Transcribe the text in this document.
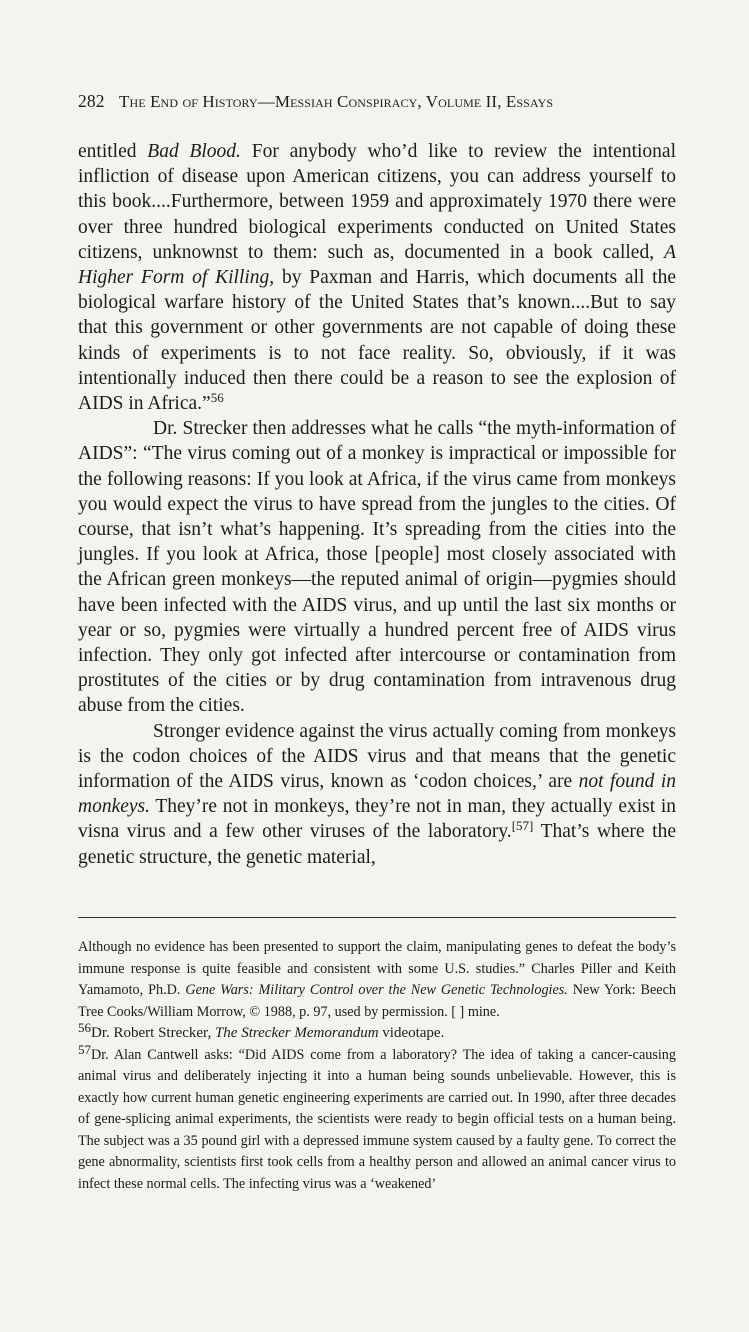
282 The End of History—Messiah Conspiracy, Volume II, Essays

entitled Bad Blood. For anybody who’d like to review the intentional infliction of disease upon American citizens, you can address yourself to this book....Furthermore, between 1959 and approximately 1970 there were over three hundred biological experiments conducted on United States citizens, unknownst to them: such as, documented in a book called, A Higher Form of Killing, by Paxman and Harris, which documents all the biological warfare history of the United States that’s known....But to say that this government or other governments are not capable of doing these kinds of experiments is to not face reality. So, obviously, if it was intentionally induced then there could be a reason to see the explosion of AIDS in Africa.”$^{56}$

Dr. Strecker then addresses what he calls “the myth-information of AIDS”: “The virus coming out of a monkey is impractical or impossible for the following reasons: If you look at Africa, if the virus came from monkeys you would expect the virus to have spread from the jungles to the cities. Of course, that isn’t what’s happening. It’s spreading from the cities into the jungles. If you look at Africa, those [people] most closely associated with the African green monkeys—the reputed animal of origin—pygmies should have been infected with the AIDS virus, and up until the last six months or year or so, pygmies were virtually a hundred percent free of AIDS virus infection. They only got infected after intercourse or contamination from prostitutes of the cities or by drug contamination from intravenous drug abuse from the cities.

Stronger evidence against the virus actually coming from monkeys is the codon choices of the AIDS virus and that means that the genetic information of the AIDS virus, known as ‘codon choices,’ are not found in monkeys. They’re not in monkeys, they’re not in man, they actually exist in visna virus and a few other viruses of the laboratory.[57] That’s where the genetic structure, the genetic material,

Although no evidence has been presented to support the claim, manipulating genes to defeat the body’s immune response is quite feasible and consistent with some U.S. studies.” Charles Piller and Keith Yamamoto, Ph.D. Gene Wars: Military Control over the New Genetic Technologies. New York: Beech Tree Cooks/William Morrow, © 1988, p. 97, used by permission. [ ] mine.

56Dr. Robert Strecker, The Strecker Memorandum videotape.

57Dr. Alan Cantwell asks: “Did AIDS come from a laboratory? The idea of taking a cancer-causing animal virus and deliberately injecting it into a human being sounds unbelievable. However, this is exactly how current human genetic engineering experiments are carried out. In 1990, after three decades of gene-splicing animal experiments, the scientists were ready to begin official tests on a human being. The subject was a 35 pound girl with a depressed immune system caused by a faulty gene. To correct the gene abnormality, scientists first took cells from a healthy person and allowed an animal cancer virus to infect these normal cells. The infecting virus was a ‘weakened’
